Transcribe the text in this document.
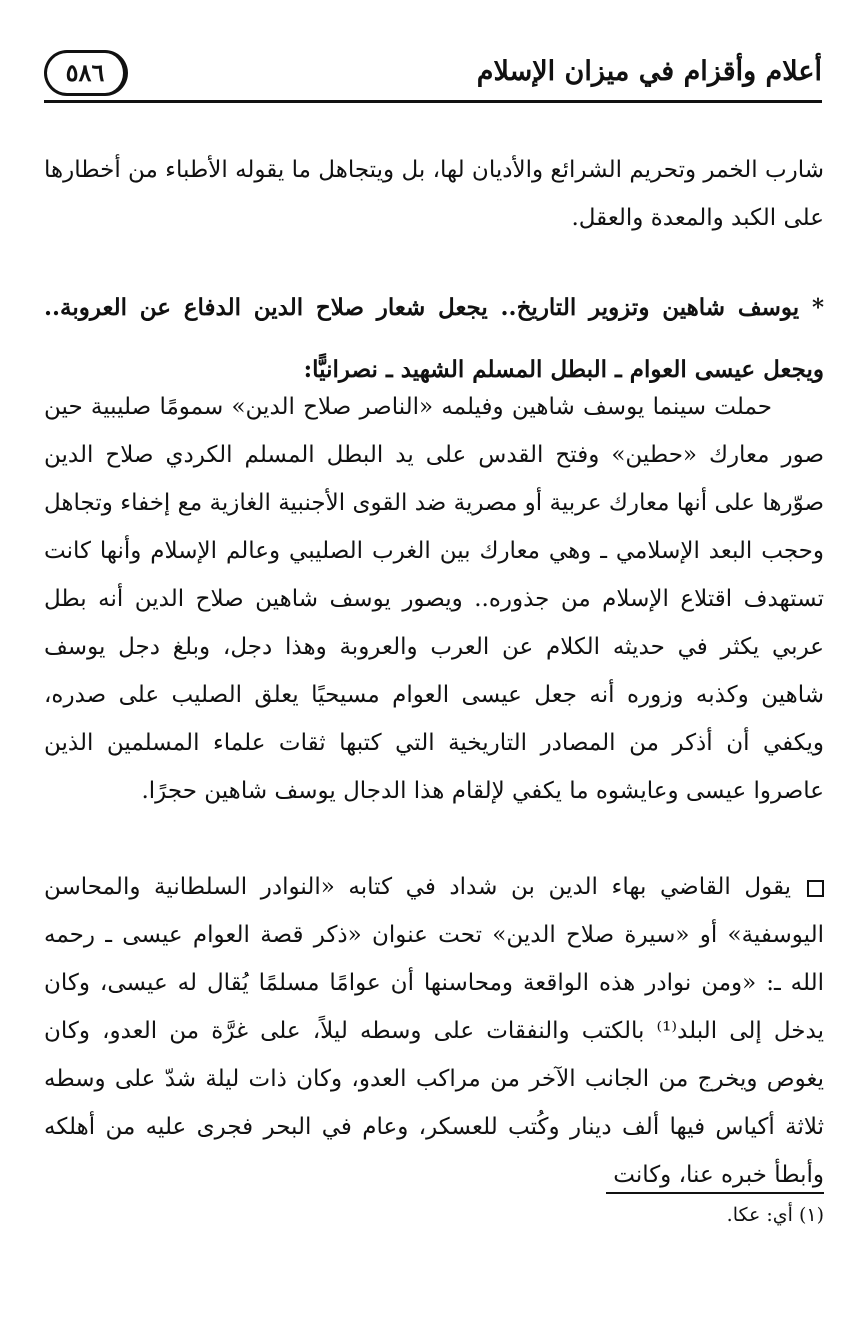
أعلام وأقزام في ميزان الإسلام
٥٨٦

شارب الخمر وتحريم الشرائع والأديان لها، بل ويتجاهل ما يقوله الأطباء من أخطارها على الكبد والمعدة والعقل.

* يوسف شاهين وتزوير التاريخ.. يجعل شعار صلاح الدين الدفاع عن العروبة.. ويجعل عيسى العوام ـ البطل المسلم الشهيد ـ نصرانيًّا:

حملت سينما يوسف شاهين وفيلمه «الناصر صلاح الدين» سمومًا صليبية حين صور معارك «حطين» وفتح القدس على يد البطل المسلم الكردي صلاح الدين صوّرها على أنها معارك عربية أو مصرية ضد القوى الأجنبية الغازية مع إخفاء وتجاهل وحجب البعد الإسلامي ـ وهي معارك بين الغرب الصليبي وعالم الإسلام وأنها كانت تستهدف اقتلاع الإسلام من جذوره.. ويصور يوسف شاهين صلاح الدين أنه بطل عربي يكثر في حديثه الكلام عن العرب والعروبة وهذا دجل، وبلغ دجل يوسف شاهين وكذبه وزوره أنه جعل عيسى العوام مسيحيًا يعلق الصليب على صدره، ويكفي أن أذكر من المصادر التاريخية التي كتبها ثقات علماء المسلمين الذين عاصروا عيسى وعايشوه ما يكفي لإلقام هذا الدجال يوسف شاهين حجرًا.

يقول القاضي بهاء الدين بن شداد في كتابه «النوادر السلطانية والمحاسن اليوسفية» أو «سيرة صلاح الدين» تحت عنوان «ذكر قصة العوام عيسى ـ رحمه الله ـ: «ومن نوادر هذه الواقعة ومحاسنها أن عوامًا مسلمًا يُقال له عيسى، وكان يدخل إلى البلد⁽¹⁾ بالكتب والنفقات على وسطه ليلاً، على غرَّة من العدو، وكان يغوص ويخرج من الجانب الآخر من مراكب العدو، وكان ذات ليلة شدّ على وسطه ثلاثة أكياس فيها ألف دينار وكُتب للعسكر، وعام في البحر فجرى عليه من أهلكه وأبطأ خبره عنا، وكانت

(١) أي: عكا.
